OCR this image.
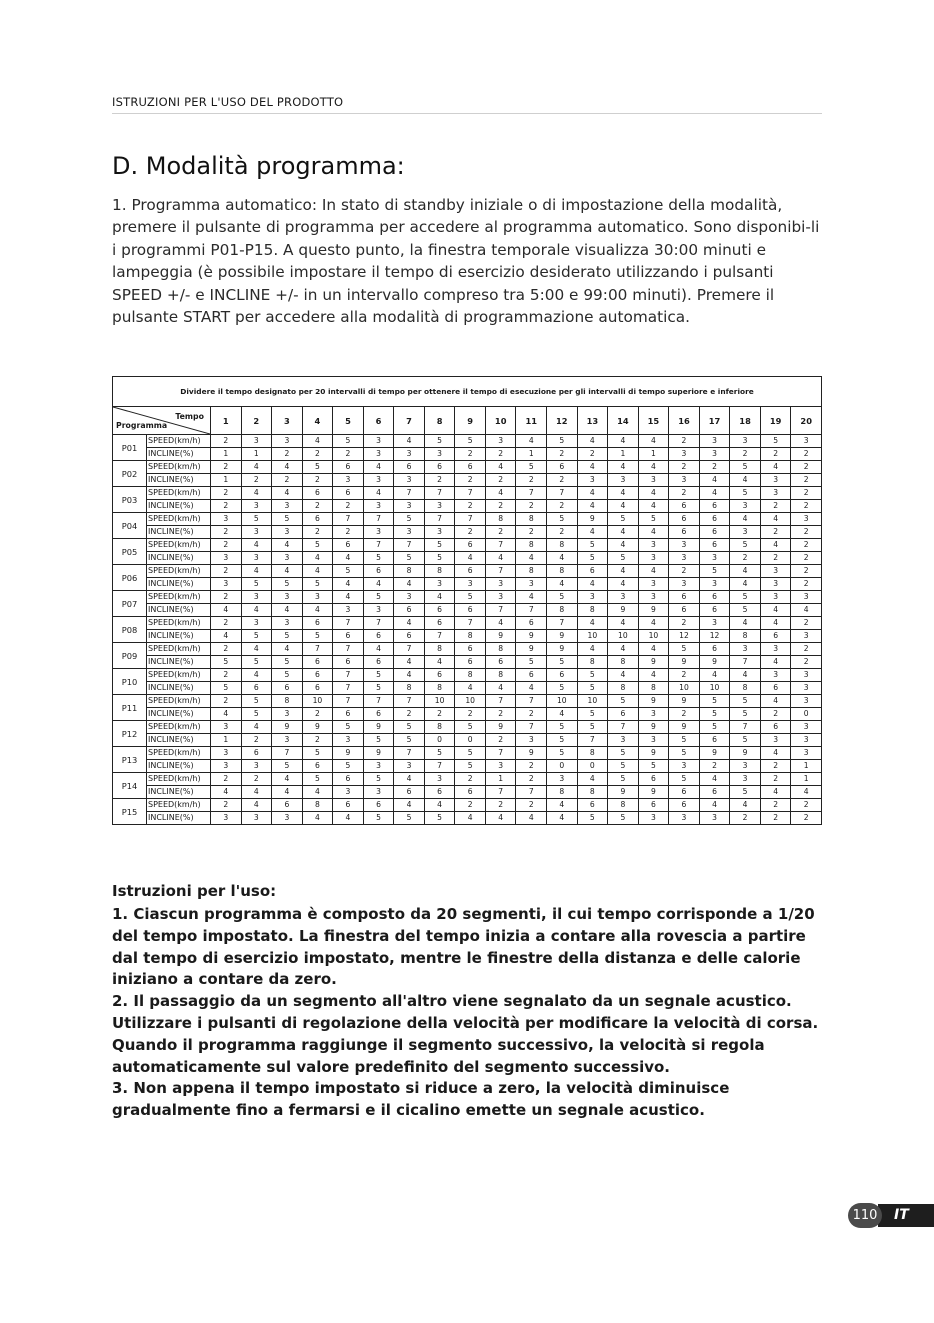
ISTRUZIONI PER L'USO DEL PRODOTTO
D. Modalità programma:

1. Programma automatico: In stato di standby iniziale o di impostazione della modalità, premere il pulsante di programma per accedere al programma automatico. Sono disponibi-li i programmi P01-P15. A questo punto, la finestra temporale visualizza 30:00 minuti e lampeggia (è possibile impostare il tempo di esercizio desiderato utilizzando i pulsanti SPEED +/- e INCLINE +/- in un intervallo compreso tra 5:00 e 99:00 minuti). Premere il pulsante START per accedere alla modalità di programmazione automatica.

Dividere il tempo designato per 20 intervalli di tempo per ottenere il tempo di esecuzione per gli intervalli di tempo superiore e inferiore																					

Tempo
Programma		1	2	3	4	5	6	7	8	9	10	11	12	13	14	15	16	17	18	19	20
P01	SPEED(km/h)	2	3	3	4	5	3	4	5	5	3	4	5	4	4	4	2	3	3	5	3
	INCLINE(%)	1	1	2	2	2	3	3	3	2	2	1	2	2	1	1	3	3	2	2	2
P02	SPEED(km/h)	2	4	4	5	6	4	6	6	6	4	5	6	4	4	4	2	2	5	4	2
	INCLINE(%)	1	2	2	2	3	3	3	2	2	2	2	2	3	3	3	3	4	4	3	2
P03	SPEED(km/h)	2	4	4	6	6	4	7	7	7	4	7	7	4	4	4	2	4	5	3	2
	INCLINE(%)	2	3	3	2	2	3	3	3	2	2	2	2	4	4	4	6	6	3	2	2
P04	SPEED(km/h)	3	5	5	6	7	7	5	7	7	8	8	5	9	5	5	6	6	4	4	3
	INCLINE(%)	2	3	3	2	2	3	3	3	2	2	2	2	4	4	4	6	6	3	2	2
P05	SPEED(km/h)	2	4	4	5	6	7	7	5	6	7	8	8	5	4	3	3	6	5	4	2
	INCLINE(%)	3	3	3	4	4	5	5	5	4	4	4	4	5	5	3	3	3	2	2	2
P06	SPEED(km/h)	2	4	4	4	5	6	8	8	6	7	8	8	6	4	4	2	5	4	3	2
	INCLINE(%)	3	5	5	5	4	4	4	3	3	3	3	4	4	4	3	3	3	4	3	2
P07	SPEED(km/h)	2	3	3	3	4	5	3	4	5	3	4	5	3	3	3	6	6	5	3	3
	INCLINE(%)	4	4	4	4	3	3	6	6	6	7	7	8	8	9	9	6	6	5	4	4
P08	SPEED(km/h)	2	3	3	6	7	7	4	6	7	4	6	7	4	4	4	2	3	4	4	2
	INCLINE(%)	4	5	5	5	6	6	6	7	8	9	9	9	10	10	10	12	12	8	6	3
P09	SPEED(km/h)	2	4	4	7	7	4	7	8	6	8	9	9	4	4	4	5	6	3	3	2
	INCLINE(%)	5	5	5	6	6	6	4	4	6	6	5	5	8	8	9	9	9	7	4	2
P10	SPEED(km/h)	2	4	5	6	7	5	4	6	8	8	6	6	5	4	4	2	4	4	3	3
	INCLINE(%)	5	6	6	6	7	5	8	8	4	4	4	5	5	8	8	10	10	8	6	3
P11	SPEED(km/h)	2	5	8	10	7	7	7	10	10	7	7	10	10	5	9	9	5	5	4	3
	INCLINE(%)	4	5	3	2	6	6	2	2	2	2	2	4	5	6	3	2	5	5	2	0
P12	SPEED(km/h)	3	4	9	9	5	9	5	8	5	9	7	5	5	7	9	9	5	7	6	3
	INCLINE(%)	1	2	3	2	3	5	5	0	0	2	3	5	7	3	3	5	6	5	3	3
P13	SPEED(km/h)	3	6	7	5	9	9	7	5	5	7	9	5	8	5	9	5	9	9	4	3
	INCLINE(%)	3	3	5	6	5	3	3	7	5	3	2	0	0	5	5	3	2	3	2	1
P14	SPEED(km/h)	2	2	4	5	6	5	4	3	2	1	2	3	4	5	6	5	4	3	2	1
	INCLINE(%)	4	4	4	4	3	3	6	6	6	7	7	8	8	9	9	6	6	5	4	4
P15	SPEED(km/h)	2	4	6	8	6	6	4	4	2	2	2	4	6	8	6	6	4	4	2	2
	INCLINE(%)	3	3	3	4	4	5	5	5	4	4	4	4	5	5	3	3	3	2	2	2
Istruzioni per l'uso:
1. Ciascun programma è composto da 20 segmenti, il cui tempo corrisponde a 1/20 del tempo impostato. La finestra del tempo inizia a contare alla rovescia a partire dal tempo di esercizio impostato, mentre le finestre della distanza e delle calorie iniziano a contare da zero.
2. Il passaggio da un segmento all'altro viene segnalato da un segnale acustico. Utilizzare i pulsanti di regolazione della velocità per modificare la velocità di corsa. Quando il programma raggiunge il segmento successivo, la velocità si regola automaticamente sul valore predefinito del segmento successivo.
3. Non appena il tempo impostato si riduce a zero, la velocità diminuisce gradualmente fino a fermarsi e il cicalino emette un segnale acustico.
IT
110
